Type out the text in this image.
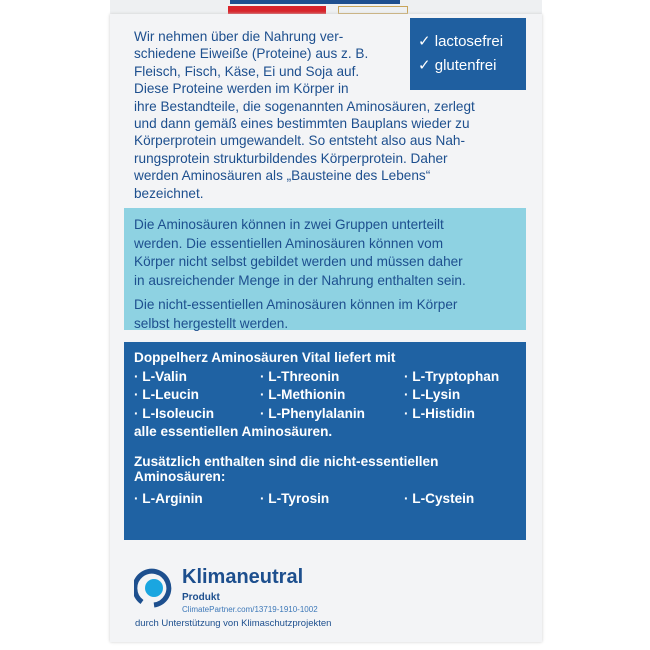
✓ lactosefrei
✓ glutenfrei
Wir nehmen über die Nahrung ver-
schiedene Eiweiße (Proteine) aus z. B.
Fleisch, Fisch, Käse, Ei und Soja auf.
Diese Proteine werden im Körper in
ihre Bestandteile, die sogenannten Aminosäuren, zerlegt
und dann gemäß eines bestimmten Bauplans wieder zu
Körperprotein umgewandelt. So entsteht also aus Nah-
rungsprotein strukturbildendes Körperprotein. Daher
werden Aminosäuren als „Bausteine des Lebens“
bezeichnet.
Die Aminosäuren können in zwei Gruppen unterteilt
werden. Die essentiellen Aminosäuren können vom
Körper nicht selbst gebildet werden und müssen daher
in ausreichender Menge in der Nahrung enthalten sein.
Die nicht-essentiellen Aminosäuren können im Körper
selbst hergestellt werden.
Doppelherz Aminosäuren Vital liefert mit
· L-Valin	· L-Threonin	· L-Tryptophan
· L-Leucin	· L-Methionin	· L-Lysin
· L-Isoleucin	· L-Phenylalanin	· L-Histidin
alle essentiellen Aminosäuren.
Zusätzlich enthalten sind die nicht-essentiellen
Aminosäuren:
· L-Arginin	· L-Tyrosin	· L-Cystein
Klimaneutral
Produkt
ClimatePartner.com/13719-1910-1002
durch Unterstützung von Klimaschutzprojekten
